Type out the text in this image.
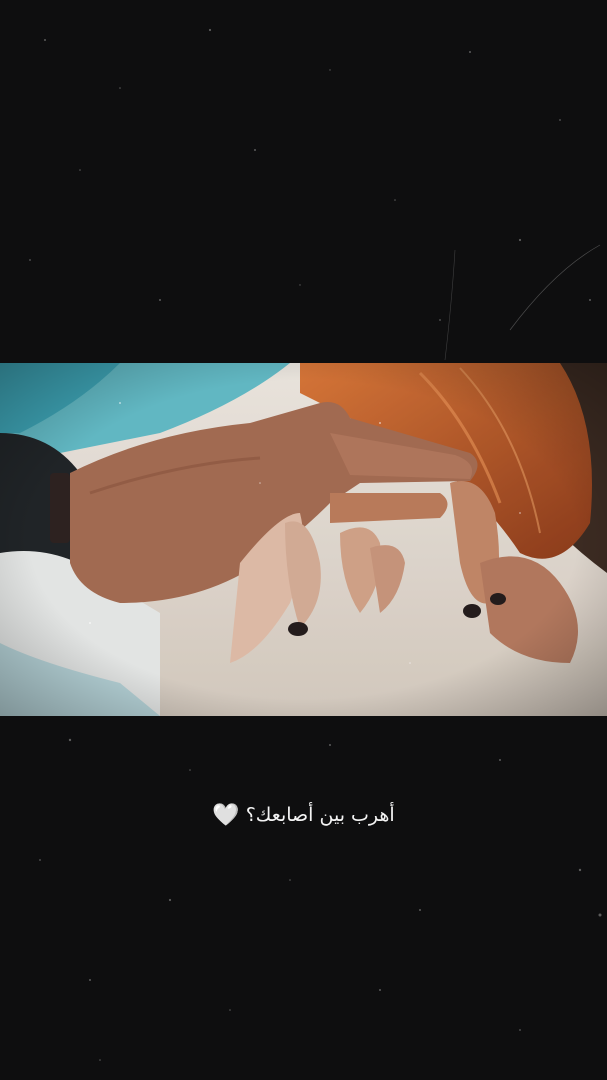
أهرب بين أصابعك؟🤍
